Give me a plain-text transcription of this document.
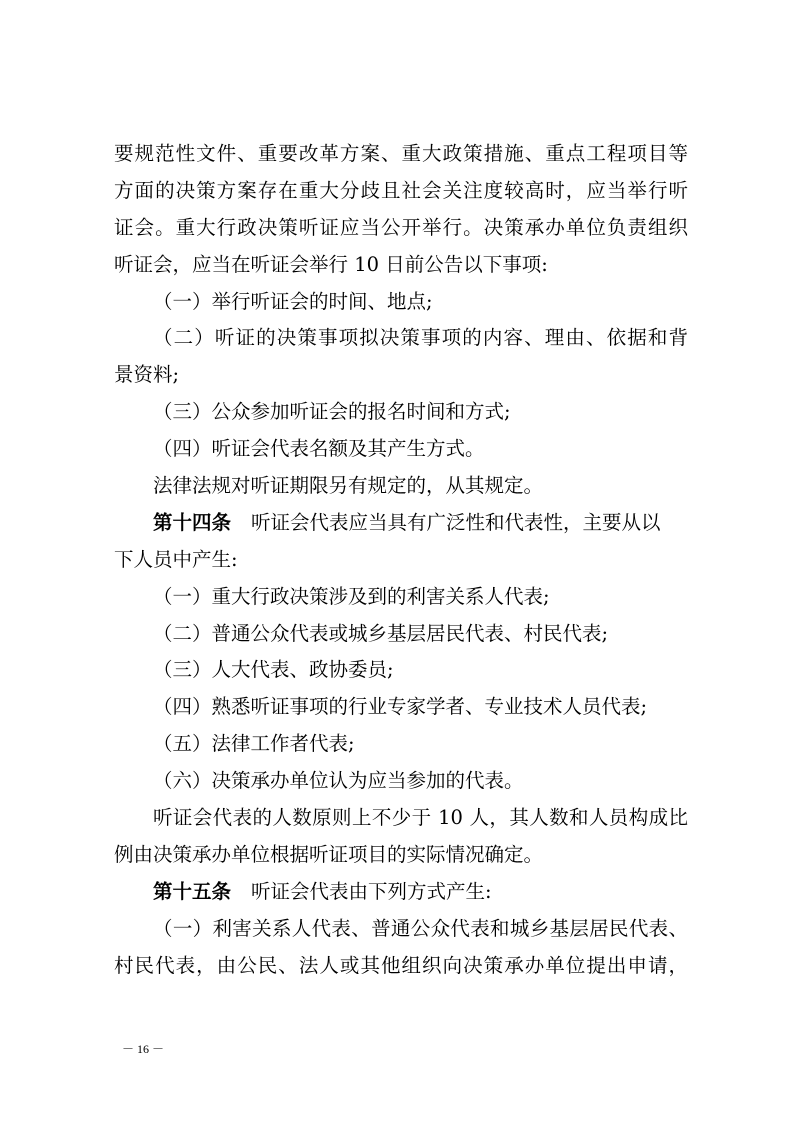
要规范性文件、重要改革方案、重大政策措施、重点工程项目等
方面的决策方案存在重大分歧且社会关注度较高时，应当举行听
证会。重大行政决策听证应当公开举行。决策承办单位负责组织
听证会，应当在听证会举行 10 日前公告以下事项:
（一）举行听证会的时间、地点;
（二）听证的决策事项拟决策事项的内容、理由、依据和背
景资料;
（三）公众参加听证会的报名时间和方式;
（四）听证会代表名额及其产生方式。
法律法规对听证期限另有规定的，从其规定。
第十四条 听证会代表应当具有广泛性和代表性，主要从以
下人员中产生:
（一）重大行政决策涉及到的利害关系人代表;
（二）普通公众代表或城乡基层居民代表、村民代表;
（三）人大代表、政协委员;
（四）熟悉听证事项的行业专家学者、专业技术人员代表;
（五）法律工作者代表;
（六）决策承办单位认为应当参加的代表。
听证会代表的人数原则上不少于 10 人，其人数和人员构成比
例由决策承办单位根据听证项目的实际情况确定。
第十五条 听证会代表由下列方式产生:
（一）利害关系人代表、普通公众代表和城乡基层居民代表、
村民代表，由公民、法人或其他组织向决策承办单位提出申请，
－ 16 －
